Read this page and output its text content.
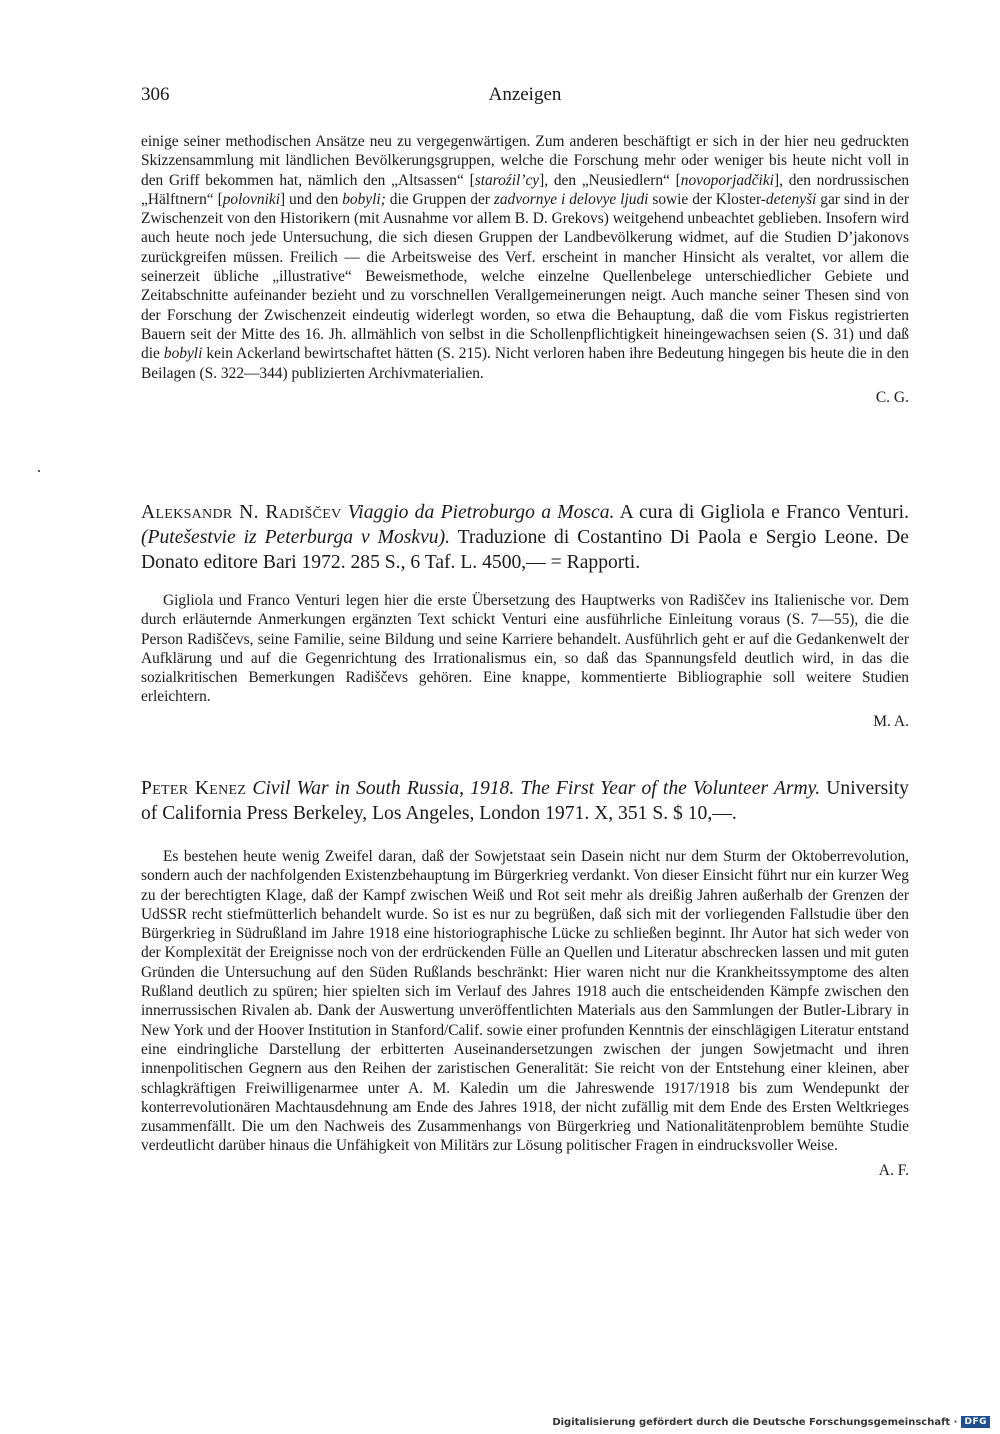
306	Anzeigen

einige seiner methodischen Ansätze neu zu vergegenwärtigen. Zum anderen beschäftigt er sich in der hier neu gedruckten Skizzensammlung mit ländlichen Bevölkerungsgruppen, welche die Forschung mehr oder weniger bis heute nicht voll in den Griff bekommen hat, nämlich den „Altsassen“ [staroźil’cy], den „Neusiedlern“ [novoporjadčiki], den nordrussischen „Hälftnern“ [polovniki] und den bobyli; die Gruppen der zadvornye i delovye ljudi sowie der Kloster-detenyši gar sind in der Zwischenzeit von den Historikern (mit Ausnahme vor allem B. D. Grekovs) weitgehend unbeachtet geblieben. Insofern wird auch heute noch jede Untersuchung, die sich diesen Gruppen der Landbevölkerung widmet, auf die Studien D’jakonovs zurückgreifen müssen. Freilich — die Arbeitsweise des Verf. erscheint in mancher Hinsicht als veraltet, vor allem die seinerzeit übliche „illustrative“ Beweismethode, welche einzelne Quellenbelege unterschiedlicher Gebiete und Zeitabschnitte aufeinander bezieht und zu vorschnellen Verallgemeinerungen neigt. Auch manche seiner Thesen sind von der Forschung der Zwischenzeit eindeutig widerlegt worden, so etwa die Behauptung, daß die vom Fiskus registrierten Bauern seit der Mitte des 16. Jh. allmählich von selbst in die Schollenpflichtigkeit hineingewachsen seien (S. 31) und daß die bobyli kein Ackerland bewirtschaftet hätten (S. 215). Nicht verloren haben ihre Bedeutung hingegen bis heute die in den Beilagen (S. 322—344) publizierten Archivmaterialien.

C. G.

Aleksandr N. Radiščev Viaggio da Pietroburgo a Mosca. A cura di Gigliola e Franco Venturi. (Putešestvie iz Peterburga v Moskvu). Traduzione di Costantino Di Paola e Sergio Leone. De Donato editore Bari 1972. 285 S., 6 Taf. L. 4500,— = Rapporti.

Gigliola und Franco Venturi legen hier die erste Übersetzung des Hauptwerks von Radiščev ins Italienische vor. Dem durch erläuternde Anmerkungen ergänzten Text schickt Venturi eine ausführliche Einleitung voraus (S. 7—55), die die Person Radiščevs, seine Familie, seine Bildung und seine Karriere behandelt. Ausführlich geht er auf die Gedankenwelt der Aufklärung und auf die Gegenrichtung des Irrationalismus ein, so daß das Spannungsfeld deutlich wird, in das die sozialkritischen Bemerkungen Radiščevs gehören. Eine knappe, kommentierte Bibliographie soll weitere Studien erleichtern.

M. A.

Peter Kenez Civil War in South Russia, 1918. The First Year of the Volunteer Army. University of California Press Berkeley, Los Angeles, London 1971. X, 351 S. $ 10,—.

Es bestehen heute wenig Zweifel daran, daß der Sowjetstaat sein Dasein nicht nur dem Sturm der Oktoberrevolution, sondern auch der nachfolgenden Existenzbehauptung im Bürgerkrieg verdankt. Von dieser Einsicht führt nur ein kurzer Weg zu der berechtigten Klage, daß der Kampf zwischen Weiß und Rot seit mehr als dreißig Jahren außerhalb der Grenzen der UdSSR recht stiefmütterlich behandelt wurde. So ist es nur zu begrüßen, daß sich mit der vorliegenden Fallstudie über den Bürgerkrieg in Südrußland im Jahre 1918 eine historiographische Lücke zu schließen beginnt. Ihr Autor hat sich weder von der Komplexität der Ereignisse noch von der erdrückenden Fülle an Quellen und Literatur abschrecken lassen und mit guten Gründen die Untersuchung auf den Süden Rußlands beschränkt: Hier waren nicht nur die Krankheitssymptome des alten Rußland deutlich zu spüren; hier spielten sich im Verlauf des Jahres 1918 auch die entscheidenden Kämpfe zwischen den innerrussischen Rivalen ab. Dank der Auswertung unveröffentlichten Materials aus den Sammlungen der Butler-Library in New York und der Hoover Institution in Stanford/Calif. sowie einer profunden Kenntnis der einschlägigen Literatur entstand eine eindringliche Darstellung der erbitterten Auseinandersetzungen zwischen der jungen Sowjetmacht und ihren innenpolitischen Gegnern aus den Reihen der zaristischen Generalität: Sie reicht von der Entstehung einer kleinen, aber schlagkräftigen Freiwilligenarmee unter A. M. Kaledin um die Jahreswende 1917/1918 bis zum Wendepunkt der konterrevolutionären Machtausdehnung am Ende des Jahres 1918, der nicht zufällig mit dem Ende des Ersten Weltkrieges zusammenfällt. Die um den Nachweis des Zusammenhangs von Bürgerkrieg und Nationalitätenproblem bemühte Studie verdeutlicht darüber hinaus die Unfähigkeit von Militärs zur Lösung politischer Fragen in eindrucksvoller Weise.

A. F.

Digitalisierung gefördert durch die Deutsche Forschungsgemeinschaft · DFG
